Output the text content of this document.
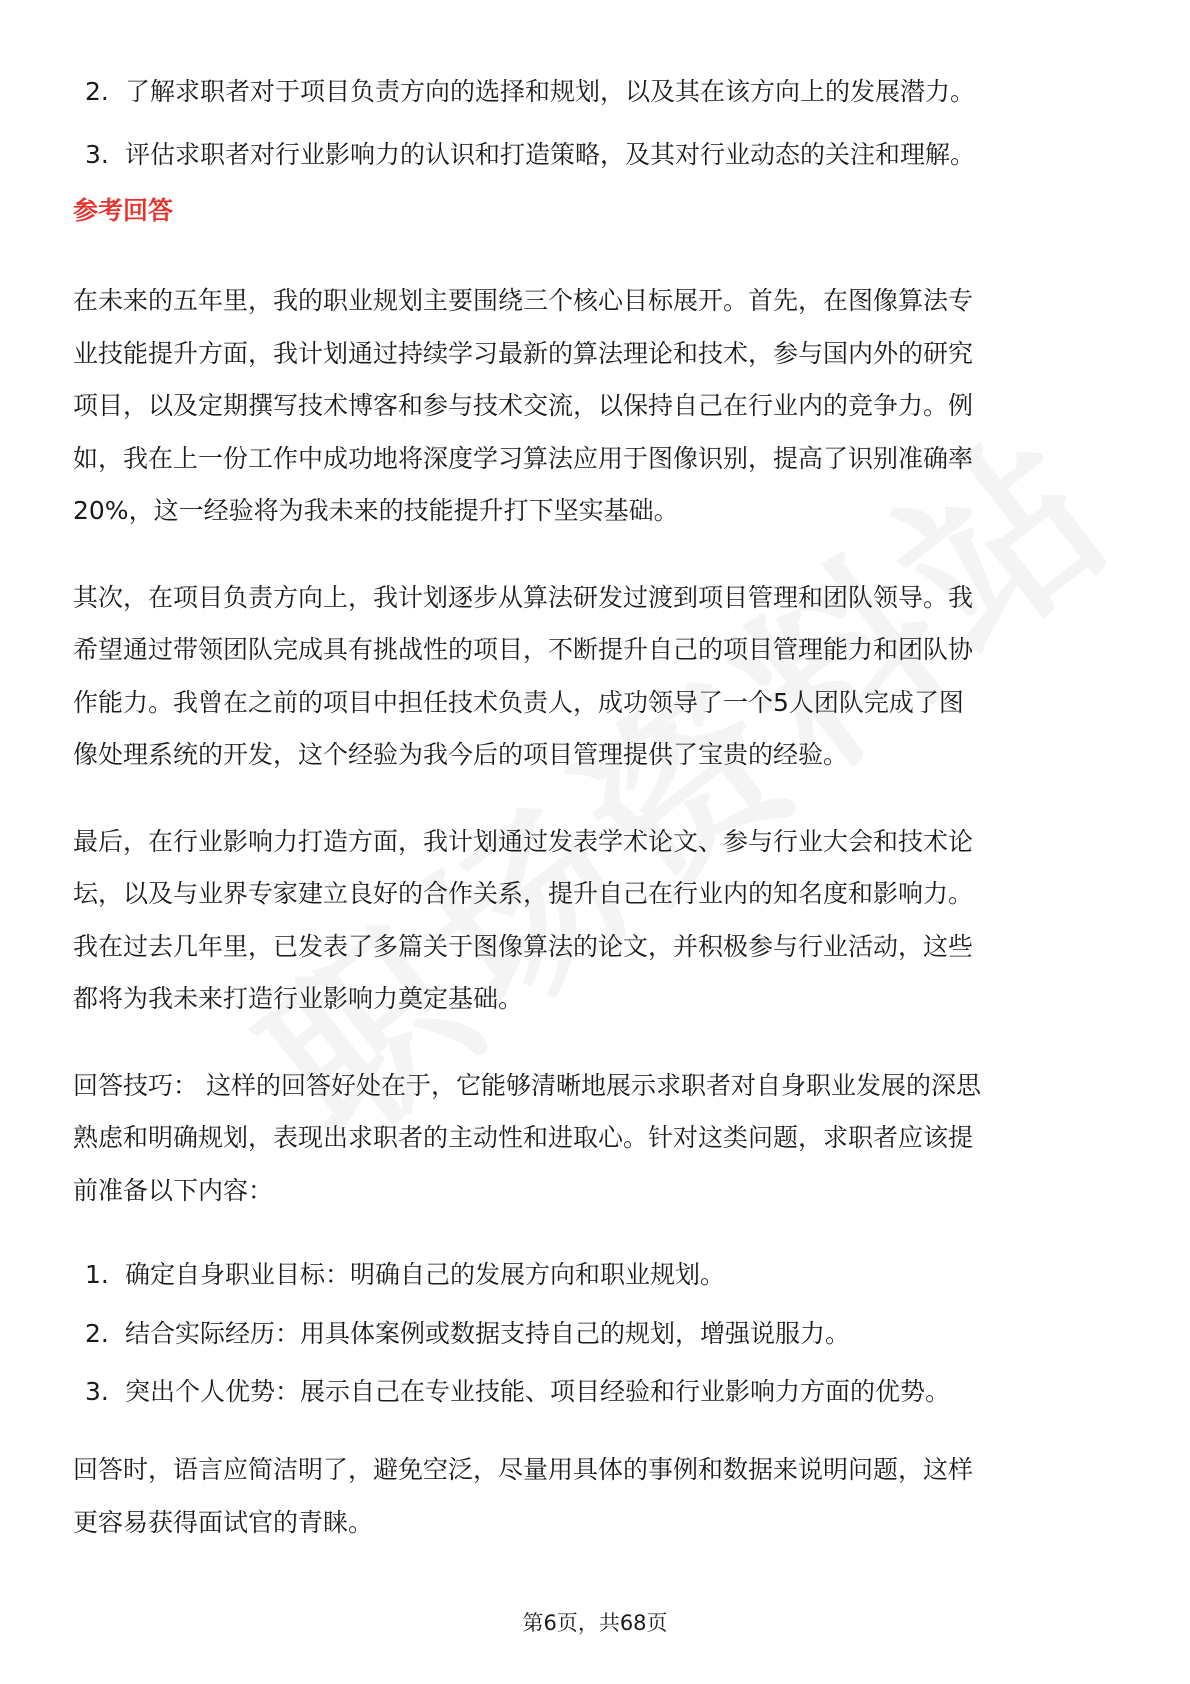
2. 了解求职者对于项目负责方向的选择和规划，以及其在该方向上的发展潜力。
3. 评估求职者对行业影响力的认识和打造策略，及其对行业动态的关注和理解。
参考回答

在未来的五年里，我的职业规划主要围绕三个核心目标展开。首先，在图像算法专
业技能提升方面，我计划通过持续学习最新的算法理论和技术，参与国内外的研究
项目，以及定期撰写技术博客和参与技术交流，以保持自己在行业内的竞争力。例
如，我在上一份工作中成功地将深度学习算法应用于图像识别，提高了识别准确率
20%，这一经验将为我未来的技能提升打下坚实基础。

其次，在项目负责方向上，我计划逐步从算法研发过渡到项目管理和团队领导。我
希望通过带领团队完成具有挑战性的项目，不断提升自己的项目管理能力和团队协
作能力。我曾在之前的项目中担任技术负责人，成功领导了一个5人团队完成了图
像处理系统的开发，这个经验为我今后的项目管理提供了宝贵的经验。

最后，在行业影响力打造方面，我计划通过发表学术论文、参与行业大会和技术论
坛，以及与业界专家建立良好的合作关系，提升自己在行业内的知名度和影响力。
我在过去几年里，已发表了多篇关于图像算法的论文，并积极参与行业活动，这些
都将为我未来打造行业影响力奠定基础。

回答技巧： 这样的回答好处在于，它能够清晰地展示求职者对自身职业发展的深思
熟虑和明确规划，表现出求职者的主动性和进取心。针对这类问题，求职者应该提
前准备以下内容：

1. 确定自身职业目标：明确自己的发展方向和职业规划。
2. 结合实际经历：用具体案例或数据支持自己的规划，增强说服力。
3. 突出个人优势：展示自己在专业技能、项目经验和行业影响力方面的优势。

回答时，语言应简洁明了，避免空泛，尽量用具体的事例和数据来说明问题，这样
更容易获得面试官的青睐。

第6页，共68页
